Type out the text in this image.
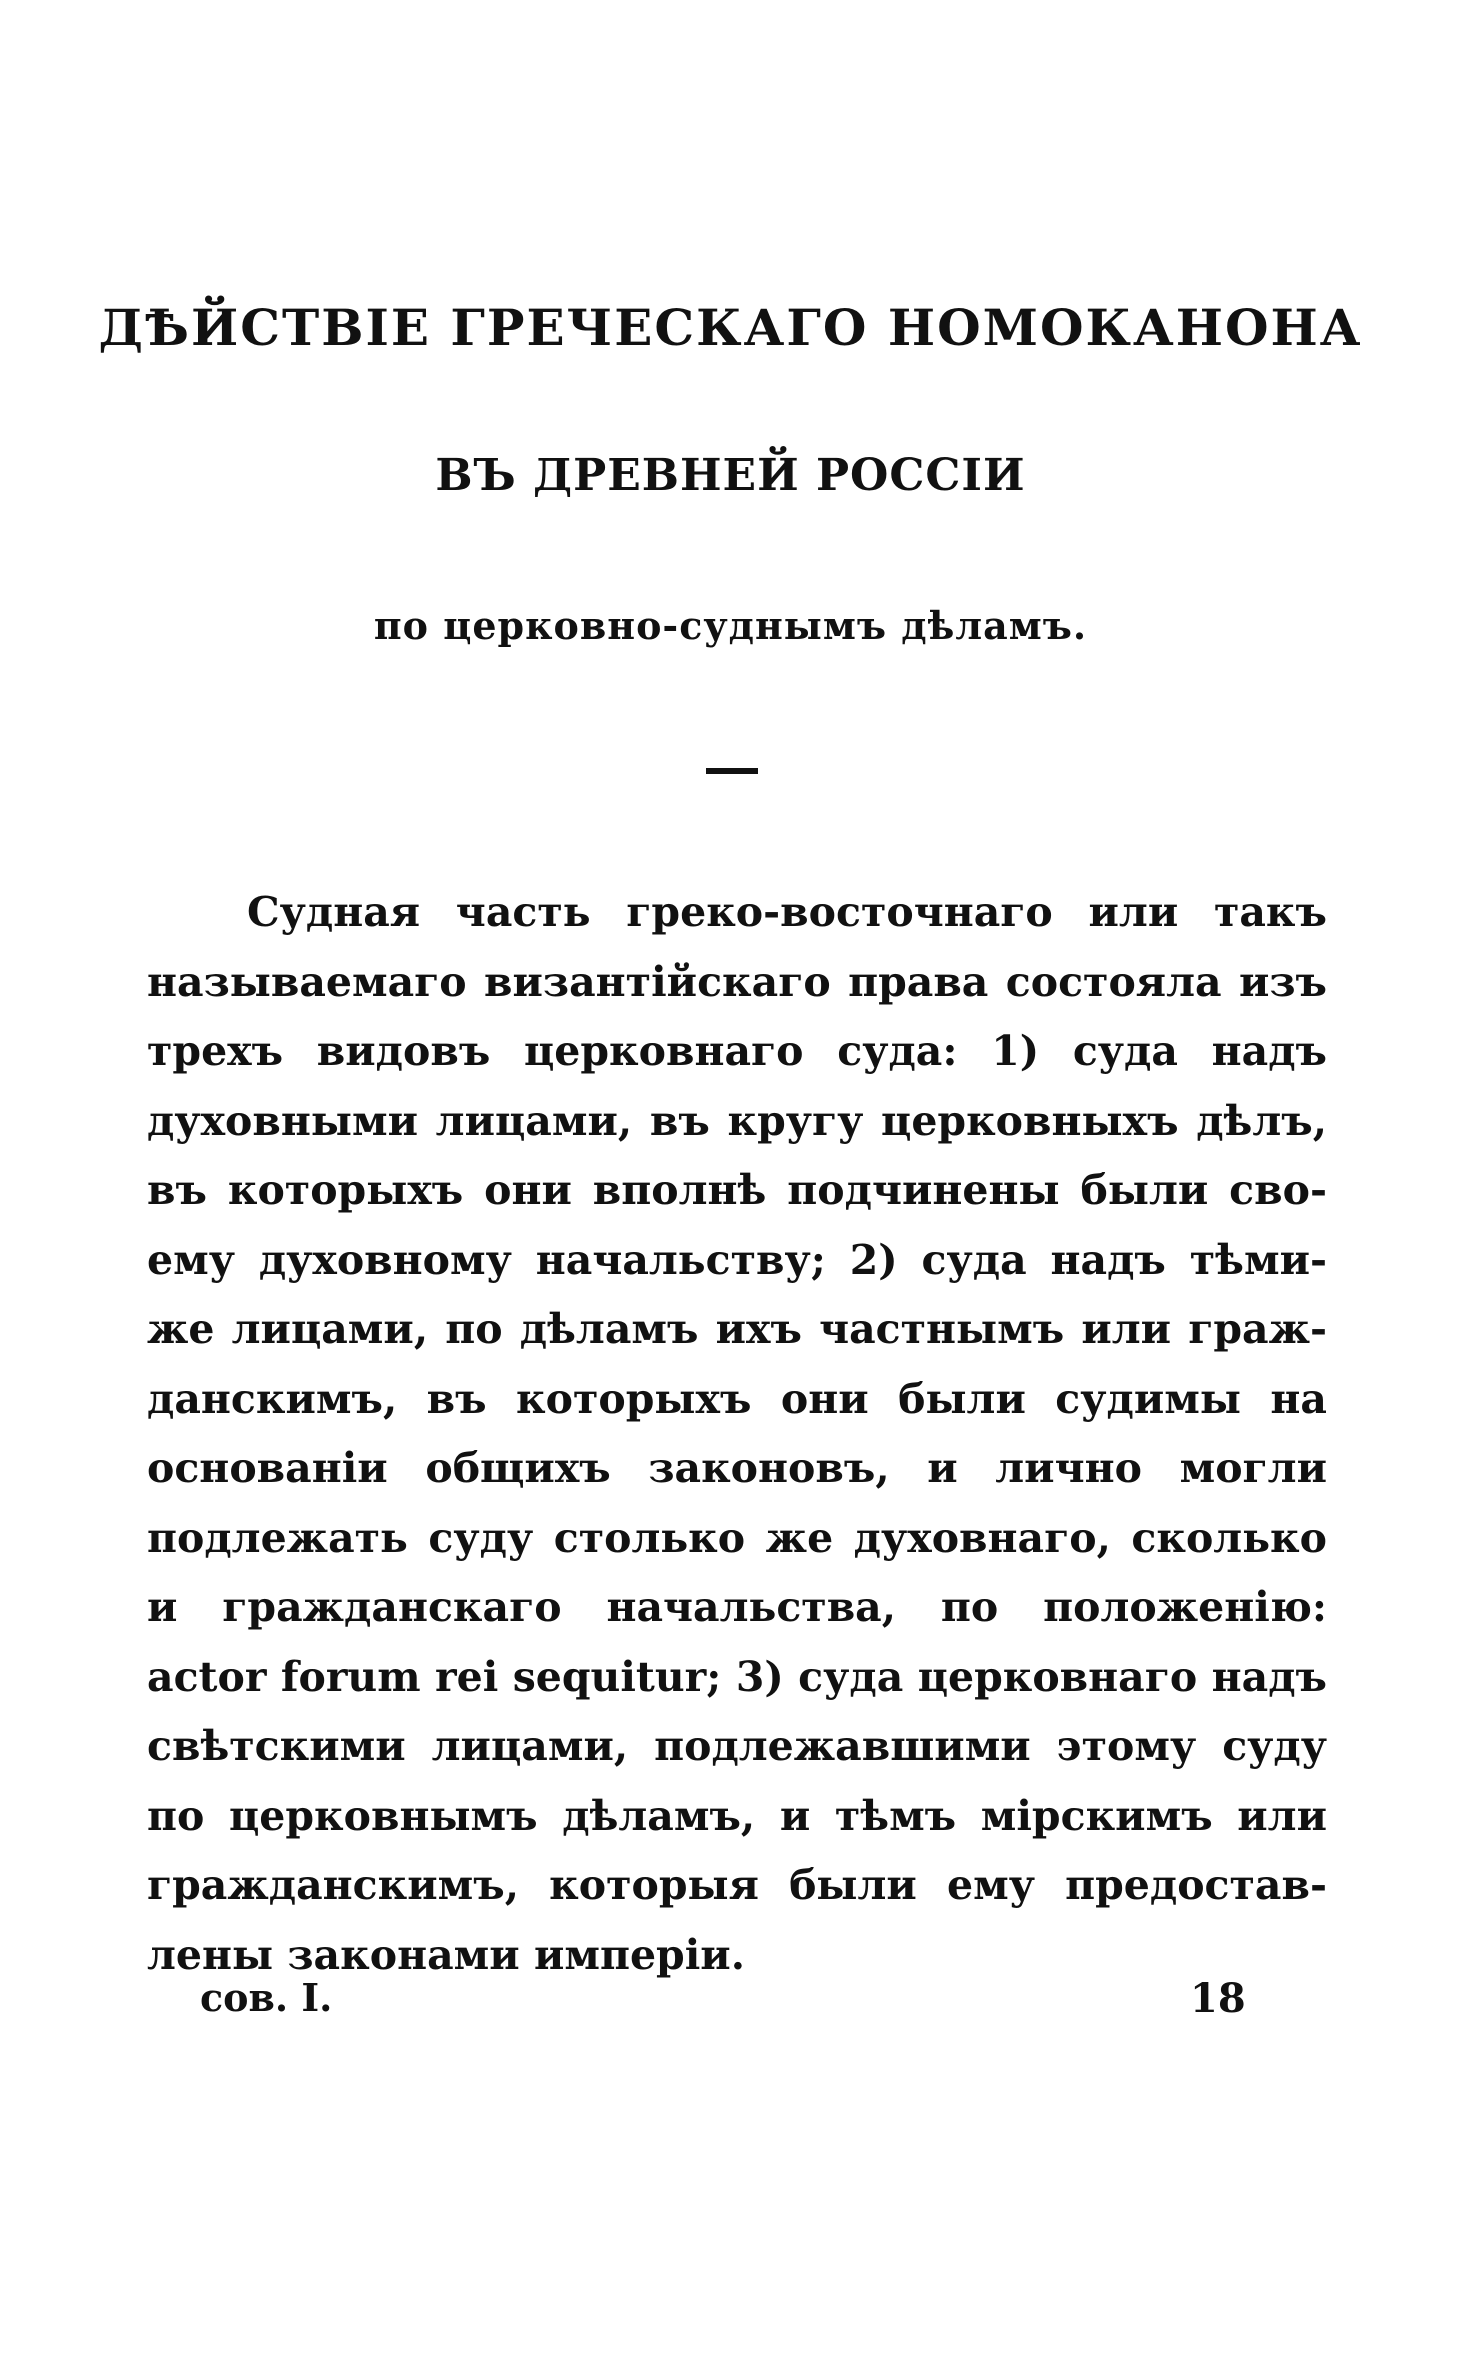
ДѢЙСТВІЕ ГРЕЧЕСКАГО НОМОКАНОНА
ВЪ ДРЕВНЕЙ РОССІИ
по церковно-суднымъ дѣламъ.
Судная часть греко-восточнаго или такъ
называемаго византійскаго права состояла изъ
трехъ видовъ церковнаго суда: 1) суда надъ
духовными лицами, въ кругу церковныхъ дѣлъ,
въ которыхъ они вполнѣ подчинены были сво-
ему духовному начальству; 2) суда надъ тѣми-
же лицами, по дѣламъ ихъ частнымъ или граж-
данскимъ, въ которыхъ они были судимы на
основаніи общихъ законовъ, и лично могли
подлежать суду столько же духовнаго, сколько
и гражданскаго начальства, по положенію:
actor forum rei sequitur; 3) суда церковнаго надъ
свѣтскими лицами, подлежавшими этому суду
по церковнымъ дѣламъ, и тѣмъ мірскимъ или
гражданскимъ, которыя были ему предостав-
лены законами имперіи.
сов. I.	18
